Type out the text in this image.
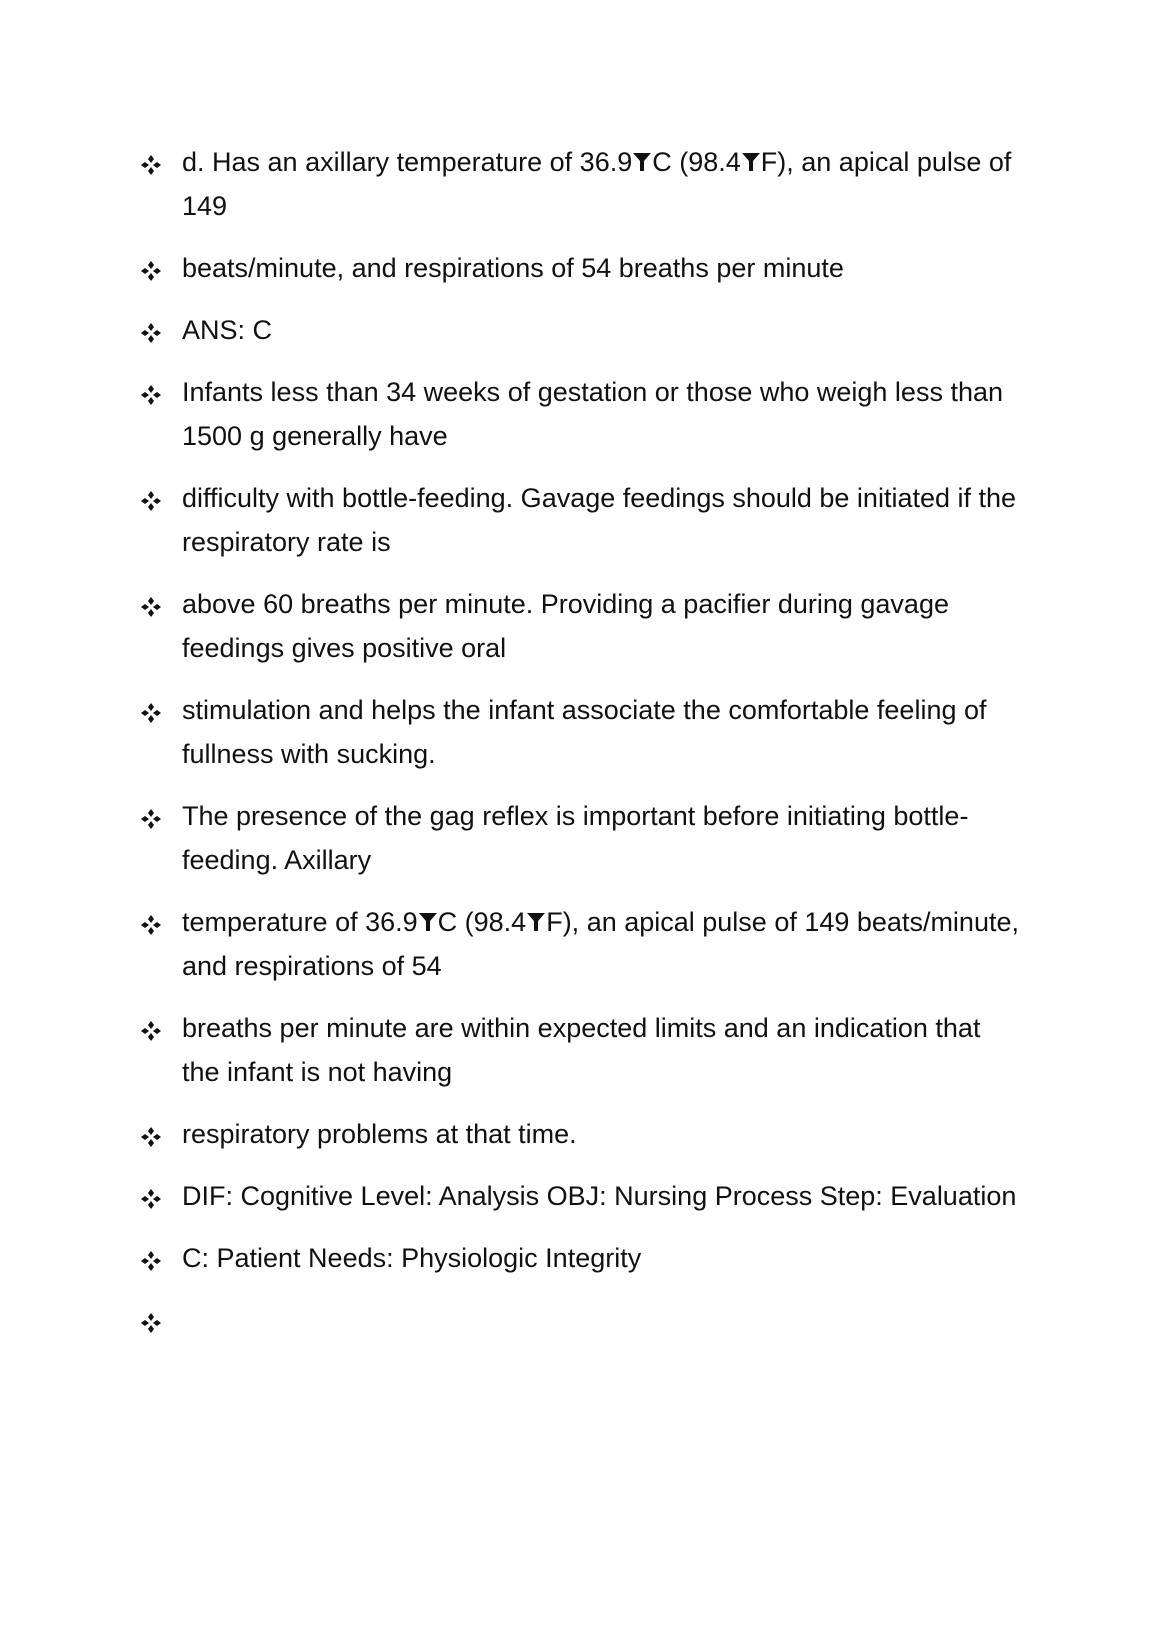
d. Has an axillary temperature of 36.9 C (98.4 F), an apical pulse of 149
beats/minute, and respirations of 54 breaths per minute
ANS: C
Infants less than 34 weeks of gestation or those who weigh less than 1500 g generally have
difficulty with bottle-feeding. Gavage feedings should be initiated if the respiratory rate is
above 60 breaths per minute. Providing a pacifier during gavage feedings gives positive oral
stimulation and helps the infant associate the comfortable feeling of fullness with sucking.
The presence of the gag reflex is important before initiating bottle-feeding. Axillary
temperature of 36.9 C (98.4 F), an apical pulse of 149 beats/minute, and respirations of 54
breaths per minute are within expected limits and an indication that the infant is not having
respiratory problems at that time.
DIF: Cognitive Level: Analysis OBJ: Nursing Process Step: Evaluation
C: Patient Needs: Physiologic Integrity
